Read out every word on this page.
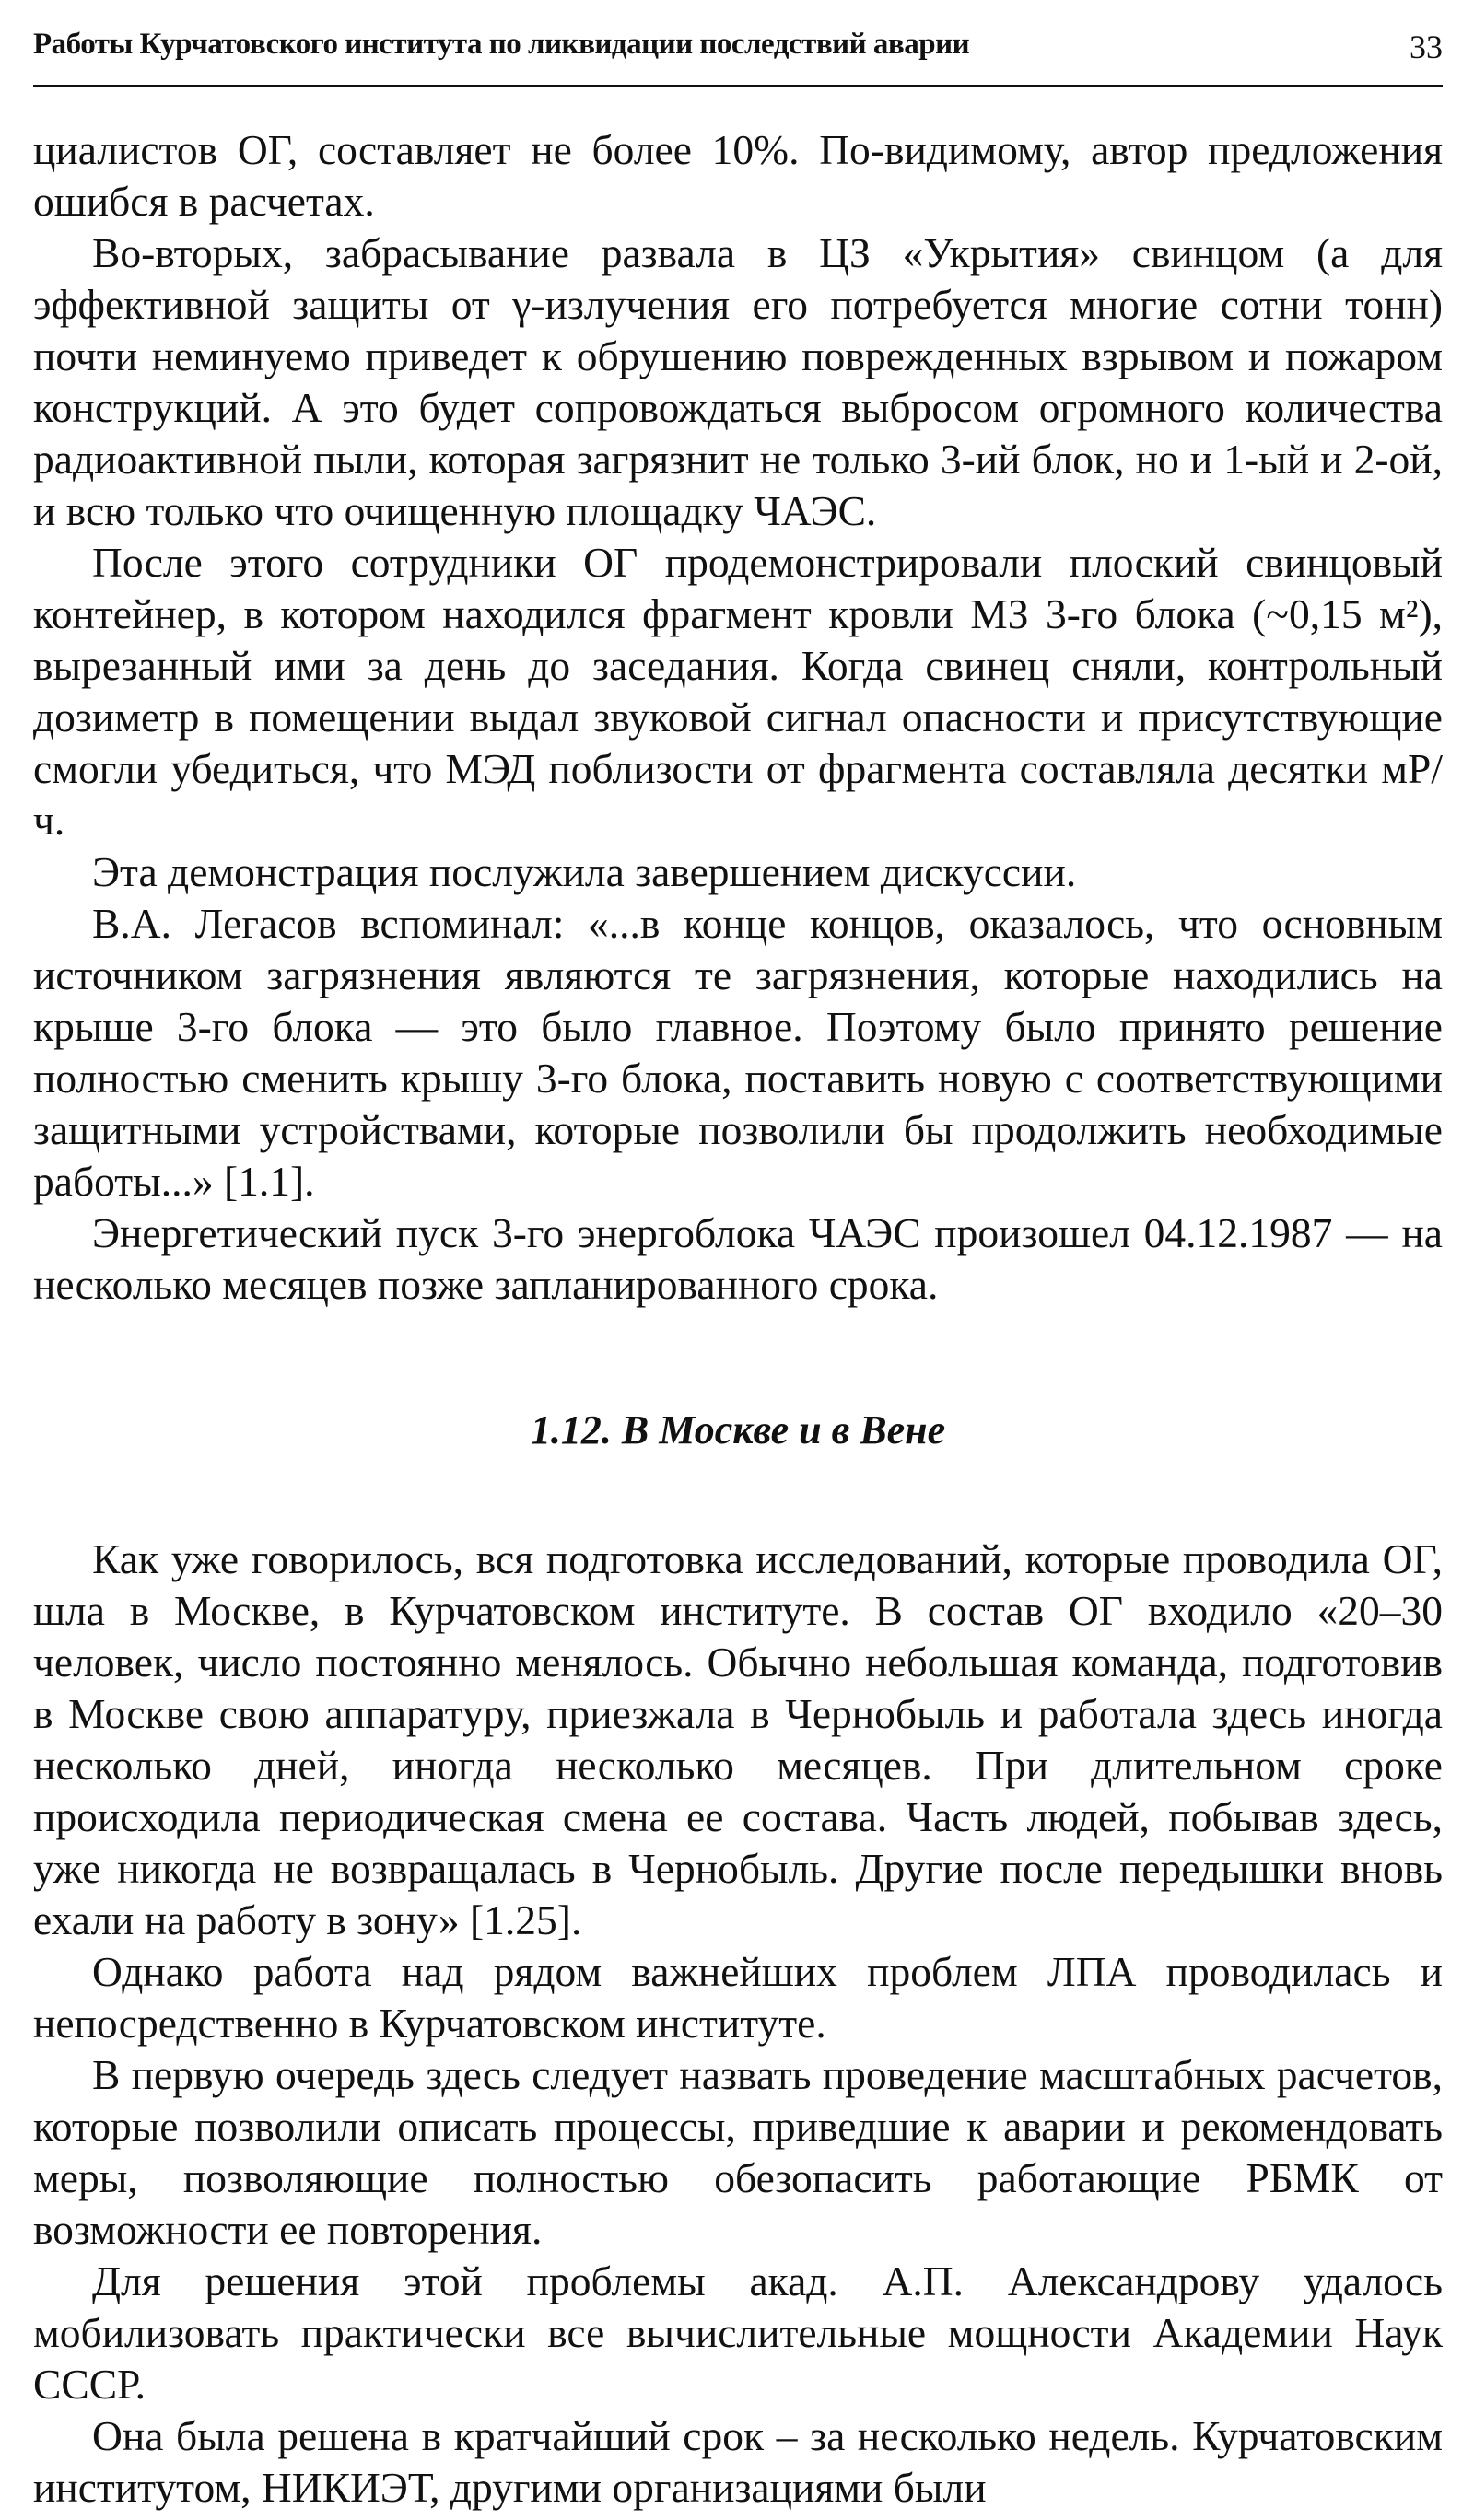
Работы Курчатовского института по ликвидации последствий аварии	33

циалистов ОГ, составляет не более 10%. По-видимому, автор предложения ошибся в расчетах.

Во-вторых, забрасывание развала в ЦЗ «Укрытия» свинцом (а для эффективной защиты от γ-излучения его потребуется многие сотни тонн) почти неминуемо приведет к обрушению поврежденных взрывом и пожаром конструкций. А это будет сопровождаться выбросом огромного количества радиоактивной пыли, которая загрязнит не только 3-ий блок, но и 1-ый и 2-ой, и всю только что очищенную площадку ЧАЭС.

После этого сотрудники ОГ продемонстрировали плоский свинцовый контейнер, в котором находился фрагмент кровли МЗ 3-го блока (~0,15 м²), вырезанный ими за день до заседания. Когда свинец сняли, контрольный дозиметр в помещении выдал звуковой сигнал опасности и присутствующие смогли убедиться, что МЭД поблизости от фрагмента составляла десятки мР/ч.

Эта демонстрация послужила завершением дискуссии.

В.А. Легасов вспоминал: «...в конце концов, оказалось, что основным источником загрязнения являются те загрязнения, которые находились на крыше 3-го блока — это было главное. Поэтому было принято решение полностью сменить крышу 3-го блока, поставить новую с соответствующими защитными устройствами, которые позволили бы продолжить необходимые работы...» [1.1].

Энергетический пуск 3-го энергоблока ЧАЭС произошел 04.12.1987 — на несколько месяцев позже запланированного срока.

1.12. В Москве и в Вене

Как уже говорилось, вся подготовка исследований, которые проводила ОГ, шла в Москве, в Курчатовском институте. В состав ОГ входило «20–30 человек, число постоянно менялось. Обычно небольшая команда, подготовив в Москве свою аппаратуру, приезжала в Чернобыль и работала здесь иногда несколько дней, иногда несколько месяцев. При длительном сроке происходила периодическая смена ее состава. Часть людей, побывав здесь, уже никогда не возвращалась в Чернобыль. Другие после передышки вновь ехали на работу в зону» [1.25].

Однако работа над рядом важнейших проблем ЛПА проводилась и непосредственно в Курчатовском институте.

В первую очередь здесь следует назвать проведение масштабных расчетов, которые позволили описать процессы, приведшие к аварии и рекомендовать меры, позволяющие полностью обезопасить работающие РБМК от возможности ее повторения.

Для решения этой проблемы акад. А.П. Александрову удалось мобилизовать практически все вычислительные мощности Академии Наук СССР.

Она была решена в кратчайший срок – за несколько недель. Курчатовским институтом, НИКИЭТ, другими организациями были
